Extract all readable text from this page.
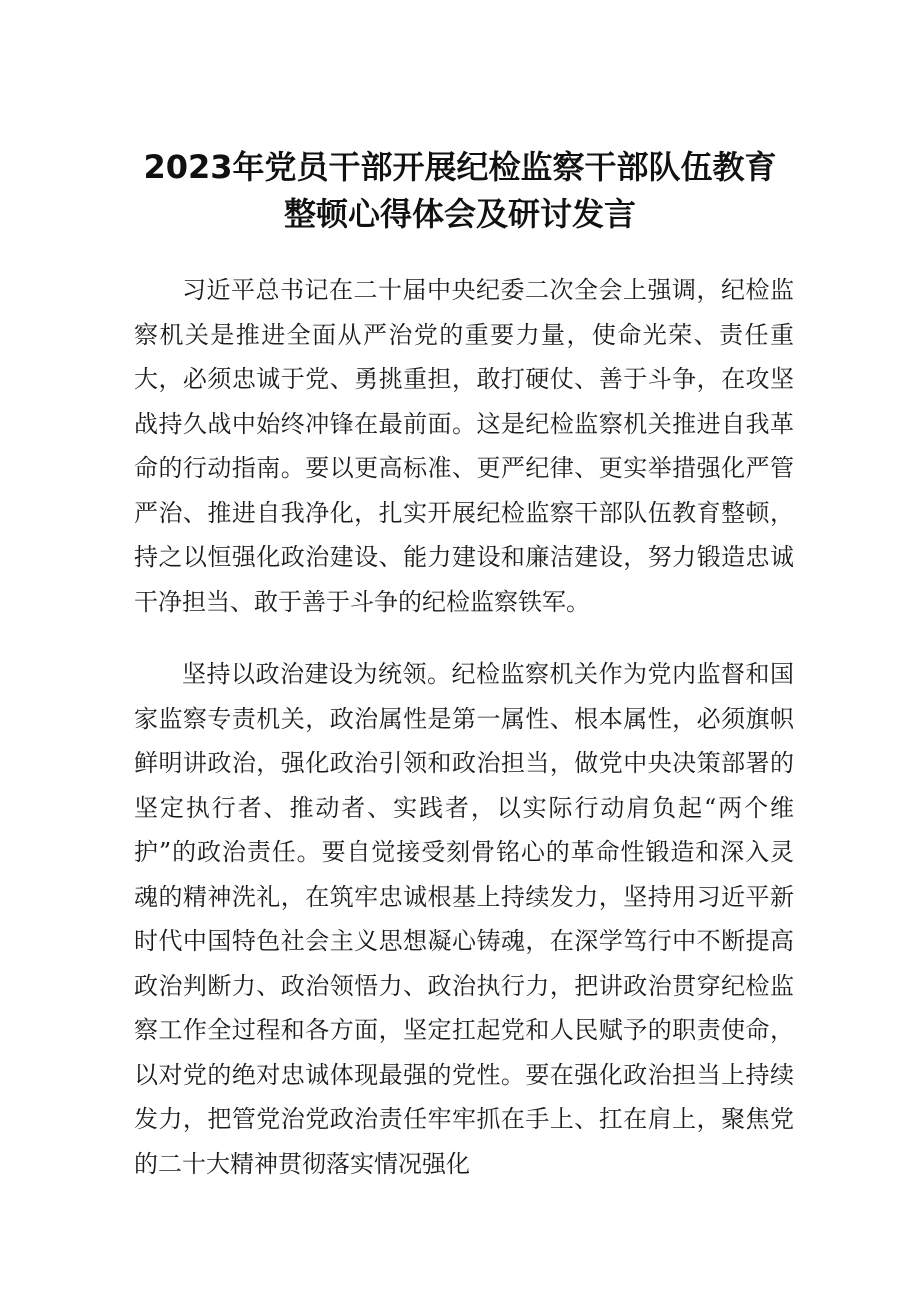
2023年党员干部开展纪检监察干部队伍教育
整顿心得体会及研讨发言

习近平总书记在二十届中央纪委二次全会上强调，纪检监察机关是推进全面从严治党的重要力量，使命光荣、责任重大，必须忠诚于党、勇挑重担，敢打硬仗、善于斗争，在攻坚战持久战中始终冲锋在最前面。这是纪检监察机关推进自我革命的行动指南。要以更高标准、更严纪律、更实举措强化严管严治、推进自我净化，扎实开展纪检监察干部队伍教育整顿，持之以恒强化政治建设、能力建设和廉洁建设，努力锻造忠诚干净担当、敢于善于斗争的纪检监察铁军。

坚持以政治建设为统领。纪检监察机关作为党内监督和国家监察专责机关，政治属性是第一属性、根本属性，必须旗帜鲜明讲政治，强化政治引领和政治担当，做党中央决策部署的坚定执行者、推动者、实践者，以实际行动肩负起“两个维护”的政治责任。要自觉接受刻骨铭心的革命性锻造和深入灵魂的精神洗礼，在筑牢忠诚根基上持续发力，坚持用习近平新时代中国特色社会主义思想凝心铸魂，在深学笃行中不断提高政治判断力、政治领悟力、政治执行力，把讲政治贯穿纪检监察工作全过程和各方面，坚定扛起党和人民赋予的职责使命，以对党的绝对忠诚体现最强的党性。要在强化政治担当上持续发力，把管党治党政治责任牢牢抓在手上、扛在肩上，聚焦党的二十大精神贯彻落实情况强化
